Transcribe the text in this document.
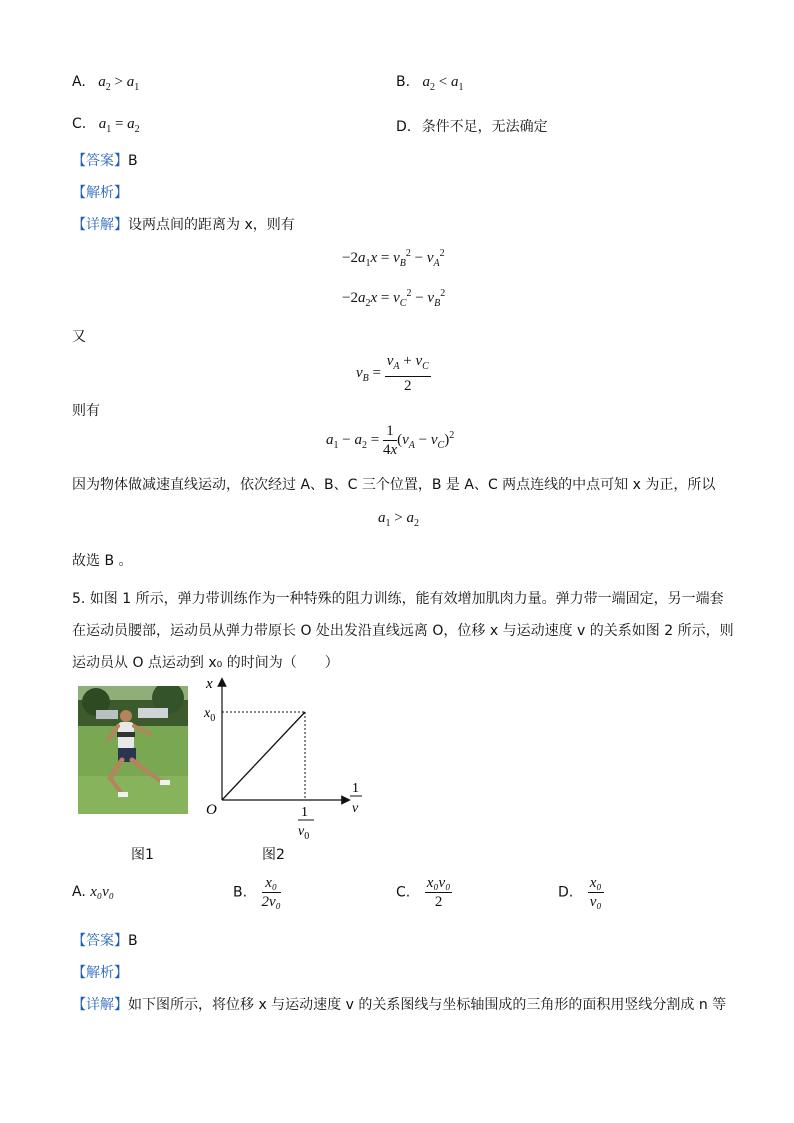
A. $a_2 > a_1$	B. $a_2 < a_1$
C. $a_1 = a_2$	D. 条件不足，无法确定
【答案】B
【解析】
【详解】设两点间的距离为 x，则有
$-2a_1x = v_B^2 - v_A^2$
$-2a_2x = v_C^2 - v_B^2$
又
$v_B = \frac{v_A + v_C}{2}$
则有
$a_1 - a_2 = \frac{1}{4x} (v_A - v_C)^2$
因为物体做减速直线运动，依次经过 A、B、C 三个位置，B 是 A、C 两点连线的中点可知 x 为正，所以
$a_1 > a_2$
故选 B 。
5. 如图 1 所示，弹力带训练作为一种特殊的阻力训练，能有效增加肌肉力量。弹力带一端固定，另一端套
在运动员腰部，运动员从弹力带原长 O 处出发沿直线远离 O，位移 x 与运动速度 v 的关系如图 2 所示，则
运动员从 O 点运动到 x₀ 的时间为（　　）
x
$x_0$
O
1
v
1
$v_0$
图1	图2
A. x₀v₀	B. $\frac{\text{x₀}}{\text{2v₀}}$	C. $\frac{\text{x₀v₀}}{2}$	D. $\frac{\text{x₀}}{\text{v₀}}$
【答案】B
【解析】
【详解】如下图所示，将位移 x 与运动速度 v 的关系图线与坐标轴围成的三角形的面积用竖线分割成 n 等
